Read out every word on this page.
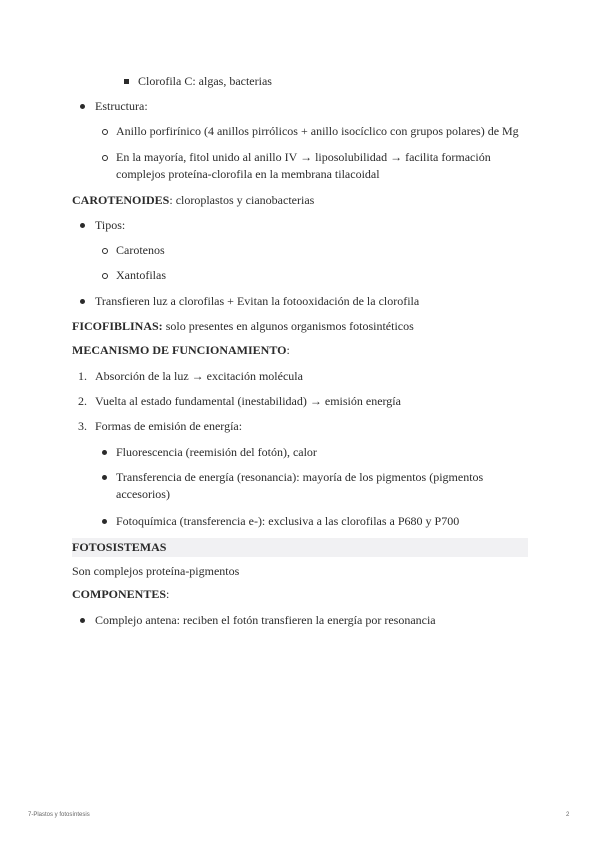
Clorofila C: algas, bacterias
Estructura:
Anillo porfirínico (4 anillos pirrólicos + anillo isocíclico con grupos polares) de Mg
En la mayoría, fitol unido al anillo IV → liposolubilidad → facilita formación
complejos proteína-clorofila en la membrana tilacoidal
CAROTENOIDES: cloroplastos y cianobacterias
Tipos:
Carotenos
Xantofilas
Transfieren luz a clorofilas + Evitan la fotooxidación de la clorofila
FICOFIBLINAS: solo presentes en algunos organismos fotosintéticos
MECANISMO DE FUNCIONAMIENTO:
1. Absorción de la luz → excitación molécula
2. Vuelta al estado fundamental (inestabilidad) → emisión energía
3. Formas de emisión de energía:
Fluorescencia (reemisión del fotón), calor
Transferencia de energía (resonancia): mayoría de los pigmentos (pigmentos
accesorios)
Fotoquímica (transferencia e-): exclusiva a las clorofilas a P680 y P700
FOTOSISTEMAS
Son complejos proteína-pigmentos
COMPONENTES:
Complejo antena: reciben el fotón transfieren la energía por resonancia
7-Plastos y fotosíntesis	2
